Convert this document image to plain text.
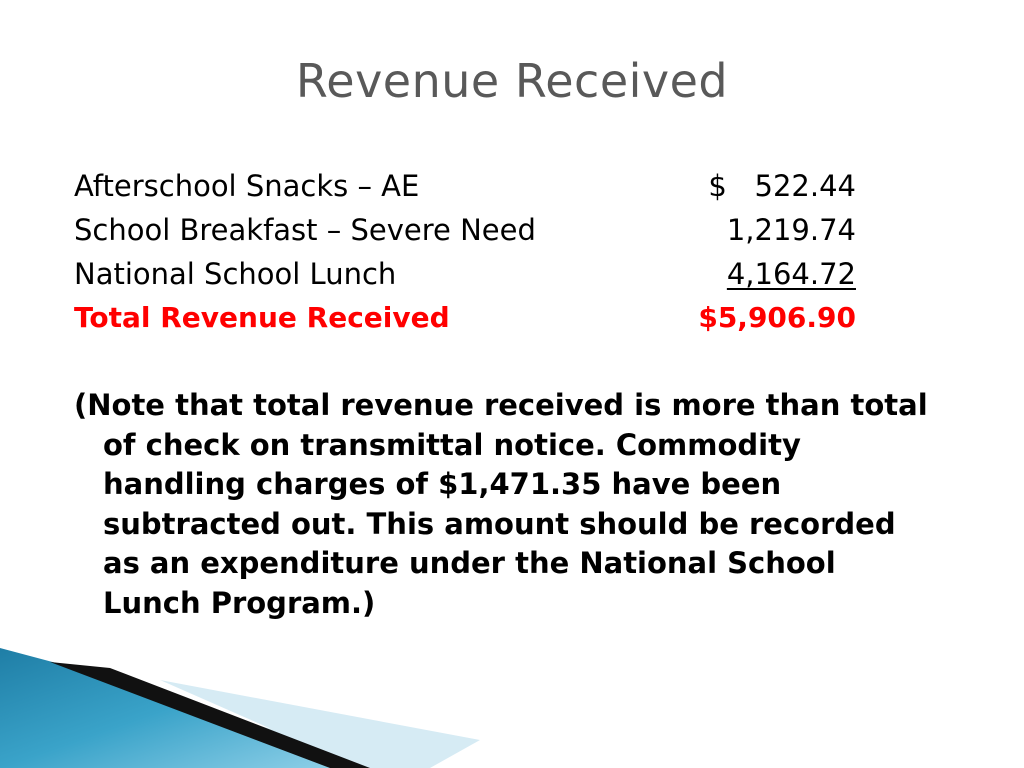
Revenue Received
Afterschool Snacks – AE	$   522.44
School Breakfast – Severe Need	1,219.74
National School Lunch	4,164.72
Total Revenue Received	$5,906.90
(Note that total revenue received is more than total
of check on transmittal notice. Commodity
handling charges of $1,471.35 have been
subtracted out. This amount should be recorded
as an expenditure under the National School
Lunch Program.)
